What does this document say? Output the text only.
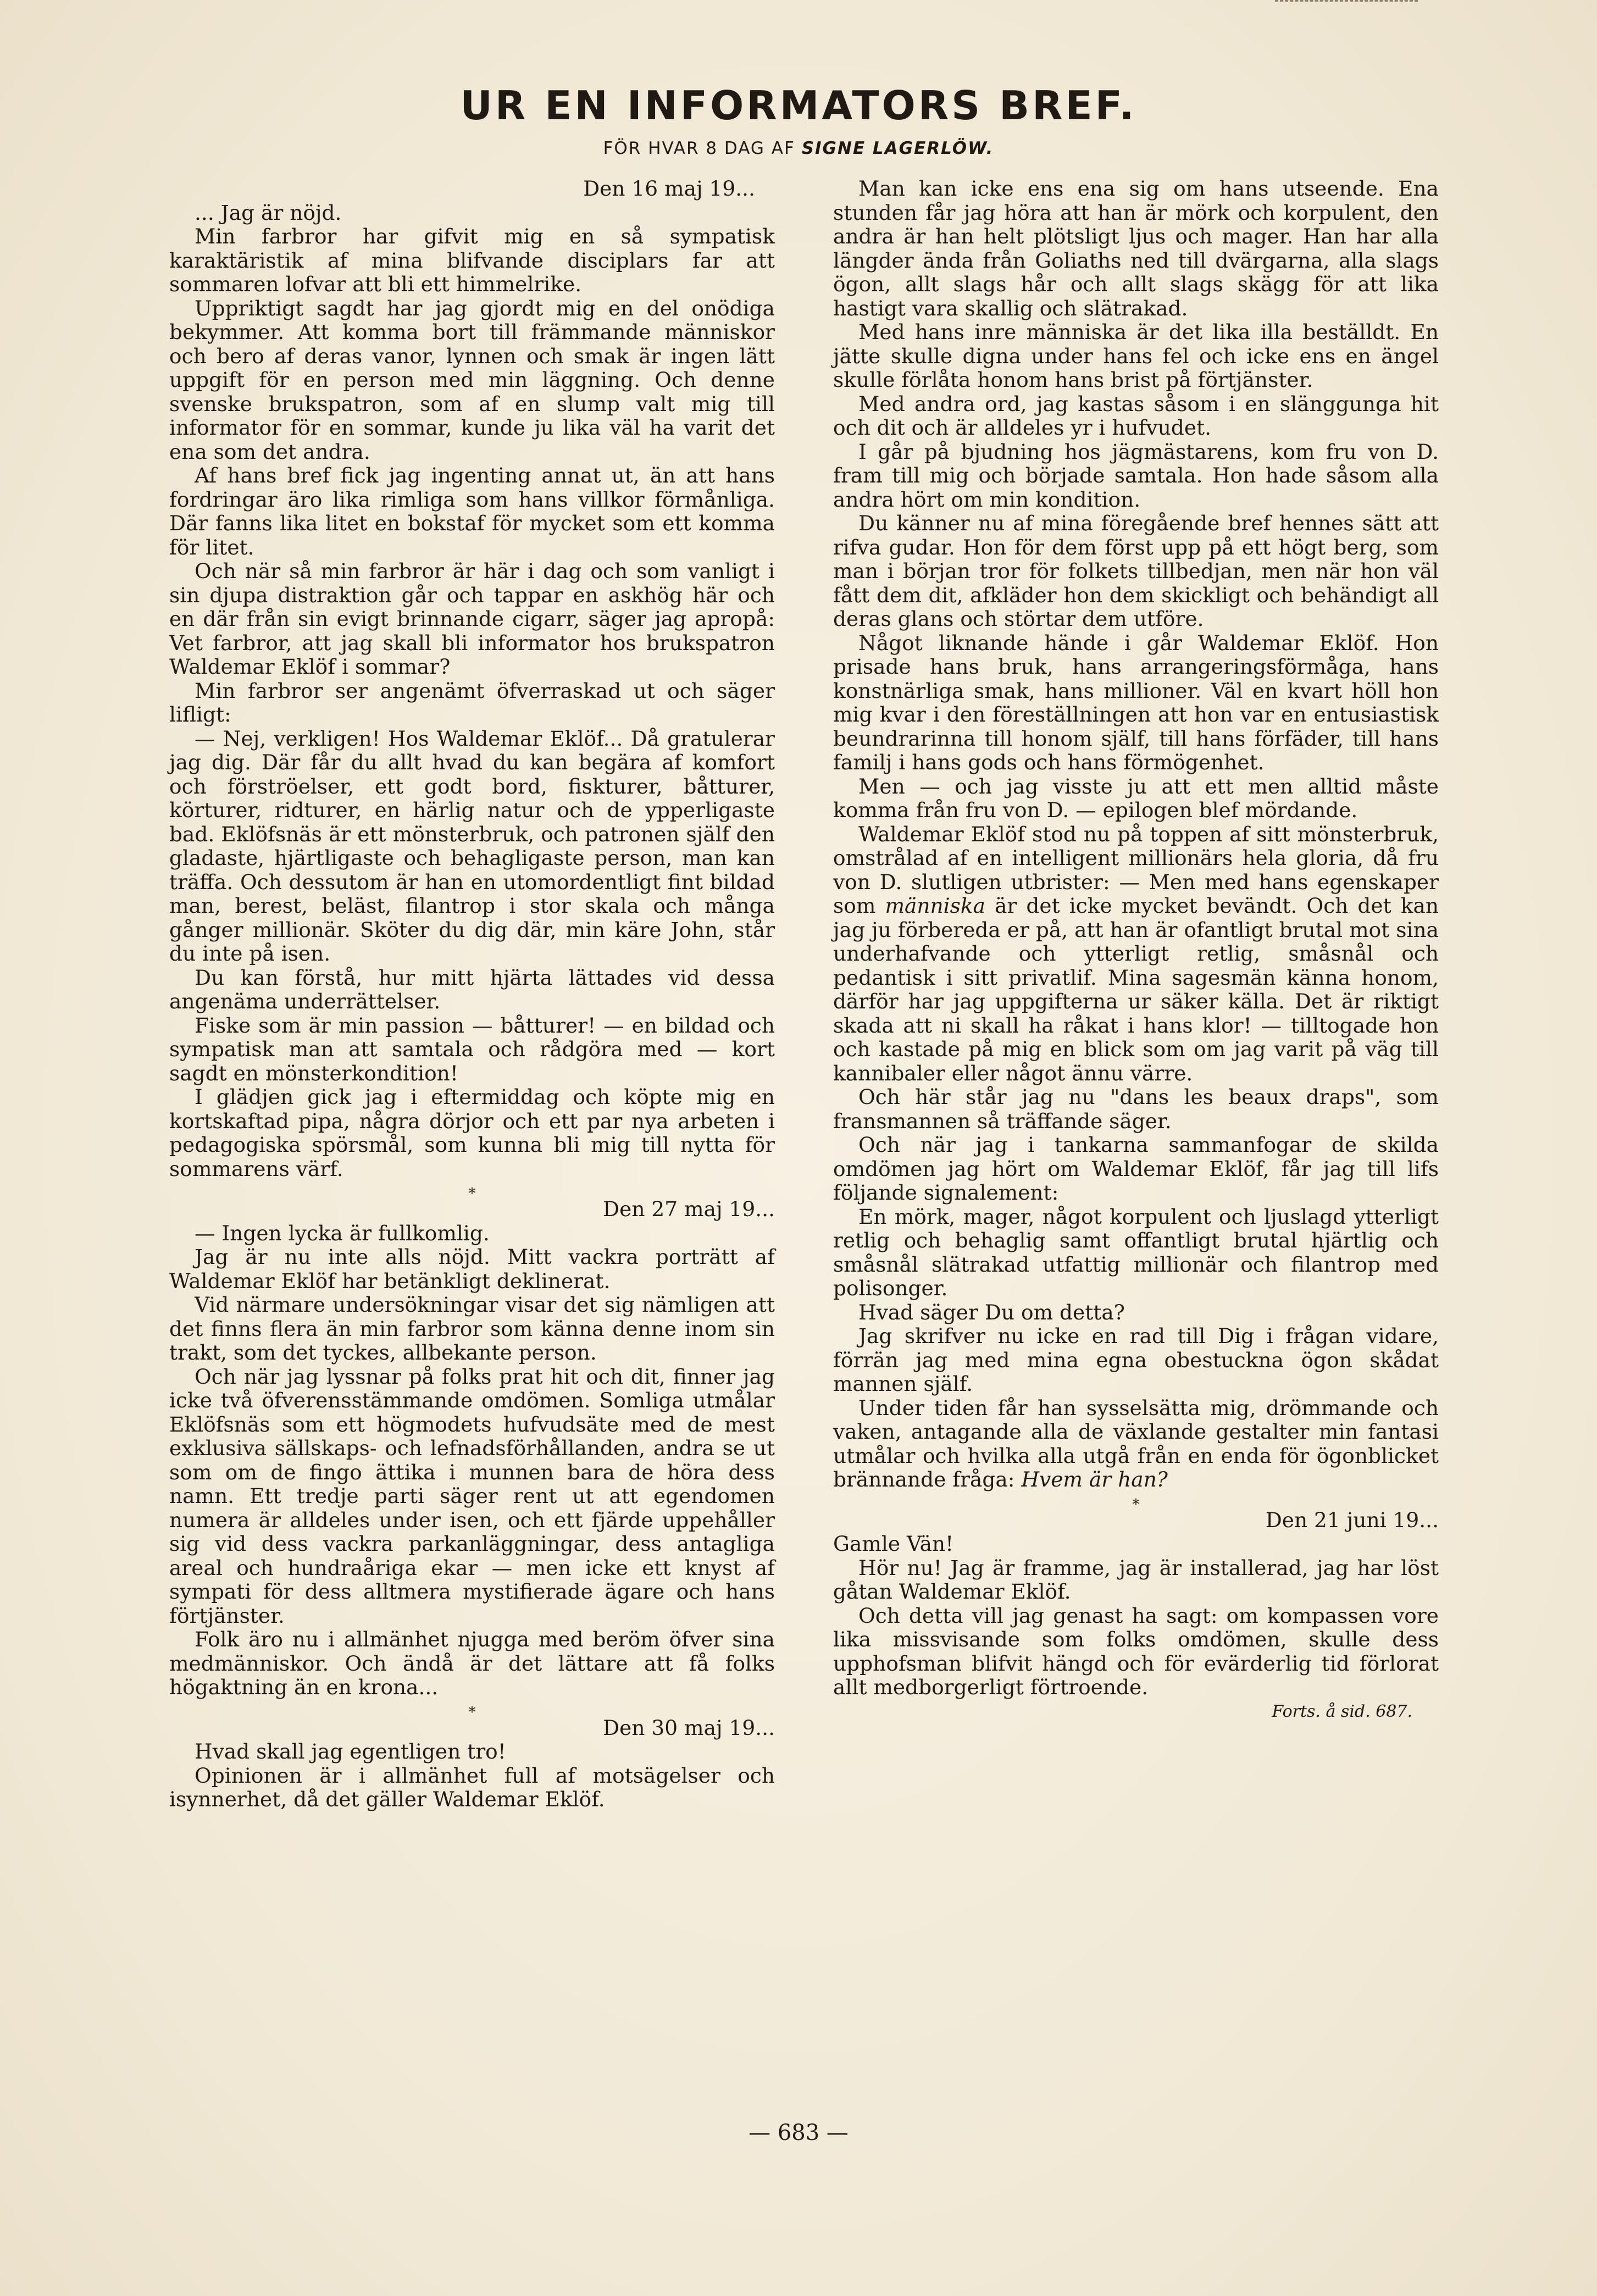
UR EN INFORMATORS BREF.
FÖR HVAR 8 DAG AF SIGNE LAGERLÖW.

Den 16 maj 19...

... Jag är nöjd.

Min farbror har gifvit mig en så sympatisk karaktäristik af mina blifvande disciplars far att sommaren lofvar att bli ett himmelrike.

Uppriktigt sagdt har jag gjordt mig en del onödiga bekymmer. Att komma bort till främmande människor och bero af deras vanor, lynnen och smak är ingen lätt uppgift för en person med min läggning. Och denne svenske brukspatron, som af en slump valt mig till informator för en sommar, kunde ju lika väl ha varit det ena som det andra.

Af hans bref fick jag ingenting annat ut, än att hans fordringar äro lika rimliga som hans villkor förmånliga. Där fanns lika litet en bokstaf för mycket som ett komma för litet.

Och när så min farbror är här i dag och som vanligt i sin djupa distraktion går och tappar en askhög här och en där från sin evigt brinnande cigarr, säger jag apropå: Vet farbror, att jag skall bli informator hos brukspatron Waldemar Eklöf i sommar?

Min farbror ser angenämt öfverraskad ut och säger lifligt:

— Nej, verkligen! Hos Waldemar Eklöf... Då gratulerar jag dig. Där får du allt hvad du kan begära af komfort och förströelser, ett godt bord, fiskturer, båtturer, körturer, ridturer, en härlig natur och de ypperligaste bad. Eklöfsnäs är ett mönsterbruk, och patronen själf den gladaste, hjärtligaste och behagligaste person, man kan träffa. Och dessutom är han en utomordentligt fint bildad man, berest, beläst, filantrop i stor skala och många gånger millionär. Sköter du dig där, min käre John, står du inte på isen.

Du kan förstå, hur mitt hjärta lättades vid dessa angenäma underrättelser.

Fiske som är min passion — båtturer! — en bildad och sympatisk man att samtala och rådgöra med — kort sagdt en mönsterkondition!

I glädjen gick jag i eftermiddag och köpte mig en kortskaftad pipa, några dörjor och ett par nya arbeten i pedagogiska spörsmål, som kunna bli mig till nytta för sommarens värf.

*

Den 27 maj 19...

— Ingen lycka är fullkomlig.

Jag är nu inte alls nöjd. Mitt vackra porträtt af Waldemar Eklöf har betänkligt deklinerat.

Vid närmare undersökningar visar det sig nämligen att det finns flera än min farbror som känna denne inom sin trakt, som det tyckes, allbekante person.

Och när jag lyssnar på folks prat hit och dit, finner jag icke två öfverensstämmande omdömen. Somliga utmålar Eklöfsnäs som ett högmodets hufvudsäte med de mest exklusiva sällskaps- och lefnadsförhållanden, andra se ut som om de fingo ättika i munnen bara de höra dess namn. Ett tredje parti säger rent ut att egendomen numera är alldeles under isen, och ett fjärde uppehåller sig vid dess vackra parkanläggningar, dess antagliga areal och hundraåriga ekar — men icke ett knyst af sympati för dess alltmera mystifierade ägare och hans förtjänster.

Folk äro nu i allmänhet njugga med beröm öfver sina medmänniskor. Och ändå är det lättare att få folks högaktning än en krona...

*

Den 30 maj 19...

Hvad skall jag egentligen tro!

Opinionen är i allmänhet full af motsägelser och isynnerhet, då det gäller Waldemar Eklöf.

Man kan icke ens ena sig om hans utseende. Ena stunden får jag höra att han är mörk och korpulent, den andra är han helt plötsligt ljus och mager. Han har alla längder ända från Goliaths ned till dvärgarna, alla slags ögon, allt slags hår och allt slags skägg för att lika hastigt vara skallig och slätrakad.

Med hans inre människa är det lika illa beställdt. En jätte skulle digna under hans fel och icke ens en ängel skulle förlåta honom hans brist på förtjänster.

Med andra ord, jag kastas såsom i en slänggunga hit och dit och är alldeles yr i hufvudet.

I går på bjudning hos jägmästarens, kom fru von D. fram till mig och började samtala. Hon hade såsom alla andra hört om min kondition.

Du känner nu af mina föregående bref hennes sätt att rifva gudar. Hon för dem först upp på ett högt berg, som man i början tror för folkets tillbedjan, men när hon väl fått dem dit, afkläder hon dem skickligt och behändigt all deras glans och störtar dem utföre.

Något liknande hände i går Waldemar Eklöf. Hon prisade hans bruk, hans arrangeringsförmåga, hans konstnärliga smak, hans millioner. Väl en kvart höll hon mig kvar i den föreställningen att hon var en entusiastisk beundrarinna till honom själf, till hans förfäder, till hans familj i hans gods och hans förmögenhet.

Men — och jag visste ju att ett men alltid måste komma från fru von D. — epilogen blef mördande.

Waldemar Eklöf stod nu på toppen af sitt mönsterbruk, omstrålad af en intelligent millionärs hela gloria, då fru von D. slutligen utbrister: — Men med hans egenskaper som människa är det icke mycket bevändt. Och det kan jag ju förbereda er på, att han är ofantligt brutal mot sina underhafvande och ytterligt retlig, småsnål och pedantisk i sitt privatlif. Mina sagesmän känna honom, därför har jag uppgifterna ur säker källa. Det är riktigt skada att ni skall ha råkat i hans klor! — tilltogade hon och kastade på mig en blick som om jag varit på väg till kannibaler eller något ännu värre.

Och här står jag nu "dans les beaux draps", som fransmannen så träffande säger.

Och när jag i tankarna sammanfogar de skilda omdömen jag hört om Waldemar Eklöf, får jag till lifs följande signalement:

En mörk, mager, något korpulent och ljuslagd ytterligt retlig och behaglig samt offantligt brutal hjärtlig och småsnål slätrakad utfattig millionär och filantrop med polisonger.

Hvad säger Du om detta?

Jag skrifver nu icke en rad till Dig i frågan vidare, förrän jag med mina egna obestuckna ögon skådat mannen själf.

Under tiden får han sysselsätta mig, drömmande och vaken, antagande alla de växlande gestalter min fantasi utmålar och hvilka alla utgå från en enda för ögonblicket brännande fråga: Hvem är han?

*

Den 21 juni 19...

Gamle Vän!

Hör nu! Jag är framme, jag är installerad, jag har löst gåtan Waldemar Eklöf.

Och detta vill jag genast ha sagt: om kompassen vore lika missvisande som folks omdömen, skulle dess upphofsman blifvit hängd och för evärderlig tid förlorat allt medborgerligt förtroende.

Forts. å sid. 687.

— 683 —
